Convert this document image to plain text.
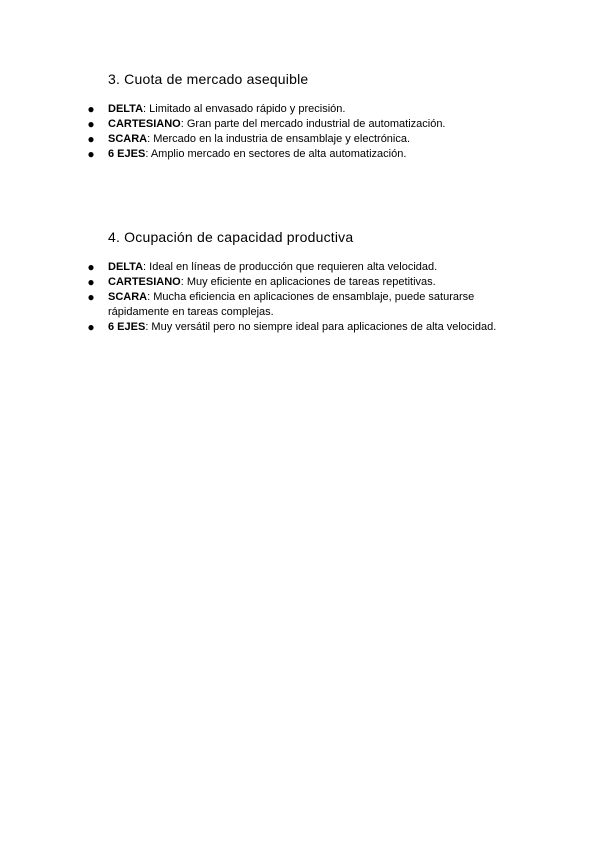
3. Cuota de mercado asequible
● DELTA: Limitado al envasado rápido y precisión.
● CARTESIANO: Gran parte del mercado industrial de automatización.
● SCARA: Mercado en la industria de ensamblaje y electrónica.
● 6 EJES: Amplio mercado en sectores de alta automatización.
4. Ocupación de capacidad productiva
● DELTA: Ideal en líneas de producción que requieren alta velocidad.
● CARTESIANO: Muy eficiente en aplicaciones de tareas repetitivas.
● SCARA: Mucha eficiencia en aplicaciones de ensamblaje, puede saturarse rápidamente en tareas complejas.
● 6 EJES: Muy versátil pero no siempre ideal para aplicaciones de alta velocidad.
